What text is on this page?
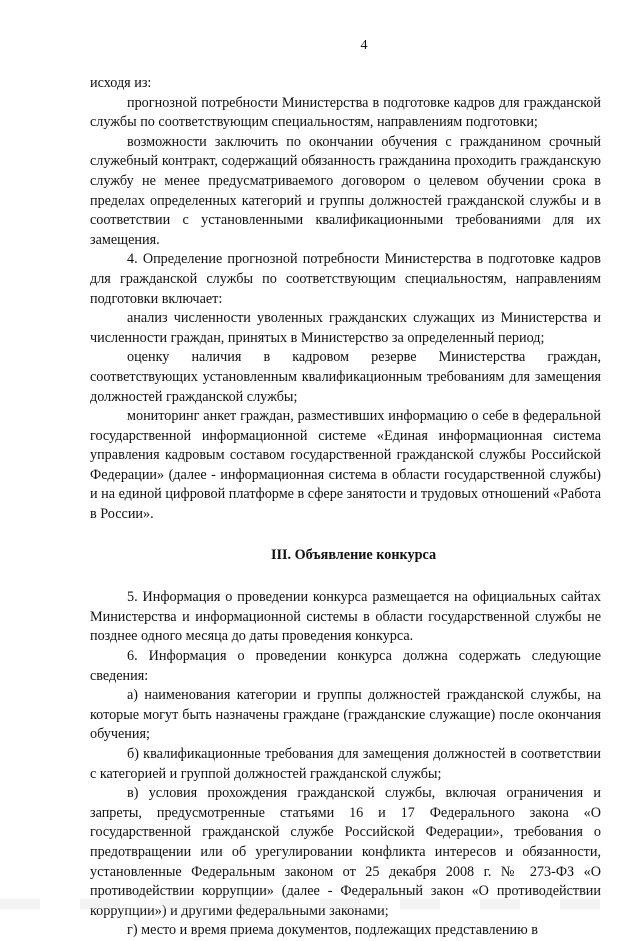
4

исходя из:

прогнозной потребности Министерства в подготовке кадров для гражданской службы по соответствующим специальностям, направлениям подготовки;

возможности заключить по окончании обучения с гражданином срочный служебный контракт, содержащий обязанность гражданина проходить гражданскую службу не менее предусматриваемого договором о целевом обучении срока в пределах определенных категорий и группы должностей гражданской службы и в соответствии с установленными квалификационными требованиями для их замещения.

4. Определение прогнозной потребности Министерства в подготовке кадров для гражданской службы по соответствующим специальностям, направлениям подготовки включает:

анализ численности уволенных гражданских служащих из Министерства и численности граждан, принятых в Министерство за определенный период;

оценку наличия в кадровом резерве Министерства граждан, соответствующих установленным квалификационным требованиям для замещения должностей гражданской службы;

мониторинг анкет граждан, разместивших информацию о себе в федеральной государственной информационной системе «Единая информационная система управления кадровым составом государственной гражданской службы Российской Федерации» (далее - информационная система в области государственной службы) и на единой цифровой платформе в сфере занятости и трудовых отношений «Работа в России».

III. Объявление конкурса

5. Информация о проведении конкурса размещается на официальных сайтах Министерства и информационной системы в области государственной службы не позднее одного месяца до даты проведения конкурса.

6. Информация о проведении конкурса должна содержать следующие сведения:

а) наименования категории и группы должностей гражданской службы, на которые могут быть назначены граждане (гражданские служащие) после окончания обучения;

б) квалификационные требования для замещения должностей в соответствии с категорией и группой должностей гражданской службы;

в) условия прохождения гражданской службы, включая ограничения и запреты, предусмотренные статьями 16 и 17 Федерального закона «О государственной гражданской службе Российской Федерации», требования о предотвращении или об урегулировании конфликта интересов и обязанности, установленные Федеральным законом от 25 декабря 2008 г. № 273-ФЗ «О противодействии коррупции» (далее - Федеральный закон «О противодействии коррупции») и другими федеральными законами;

г) место и время приема документов, подлежащих представлению в
